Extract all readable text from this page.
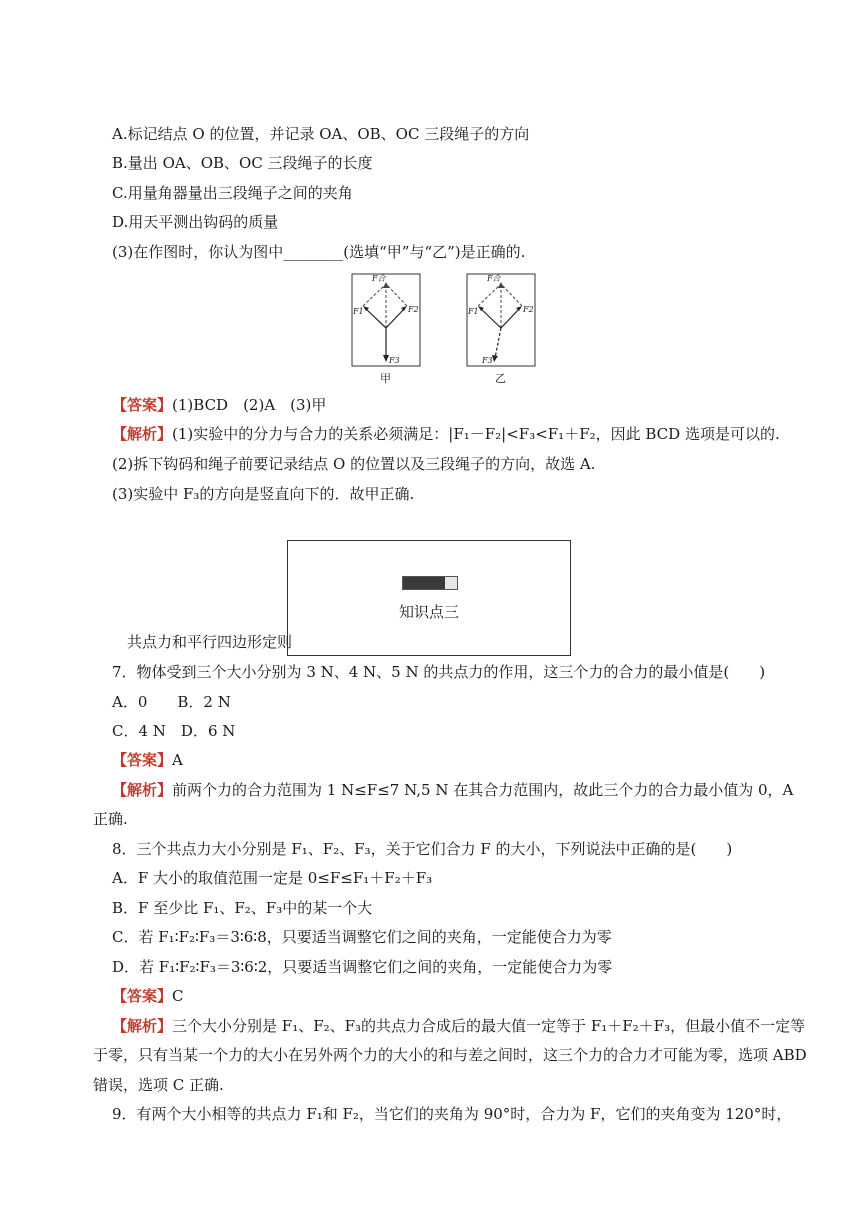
A.标记结点 O 的位置，并记录 OA、OB、OC 三段绳子的方向
B.量出 OA、OB、OC 三段绳子的长度
C.用量角器量出三段绳子之间的夹角
D.用天平测出钩码的质量
(3)在作图时，你认为图中________(选填“甲”与“乙”)是正确的.
F合
F1	F2
F3
甲
F合
F1	F2
F3
乙
【答案】(1)BCD　(2)A　(3)甲
【解析】(1)实验中的分力与合力的关系必须满足：|F₁－F₂|<F₃<F₁＋F₂，因此 BCD 选项是可以的.
(2)拆下钩码和绳子前要记录结点 O 的位置以及三段绳子的方向，故选 A.
(3)实验中 F₃的方向是竖直向下的．故甲正确.
知识点三
共点力和平行四边形定则
7．物体受到三个大小分别为 3 N、4 N、5 N 的共点力的作用，这三个力的合力的最小值是(　　)
A．0　　B．2 N
C．4 N　D．6 N
【答案】A
【解析】前两个力的合力范围为 1 N≤F≤7 N,5 N 在其合力范围内，故此三个力的合力最小值为 0，A
正确.
8．三个共点力大小分别是 F₁、F₂、F₃，关于它们合力 F 的大小，下列说法中正确的是(　　)
A．F 大小的取值范围一定是 0≤F≤F₁＋F₂＋F₃
B．F 至少比 F₁、F₂、F₃中的某一个大
C．若 F₁∶F₂∶F₃＝3∶6∶8，只要适当调整它们之间的夹角，一定能使合力为零
D．若 F₁∶F₂∶F₃＝3∶6∶2，只要适当调整它们之间的夹角，一定能使合力为零
【答案】C
【解析】三个大小分别是 F₁、F₂、F₃的共点力合成后的最大值一定等于 F₁＋F₂＋F₃，但最小值不一定等
于零，只有当某一个力的大小在另外两个力的大小的和与差之间时，这三个力的合力才可能为零，选项 ABD
错误，选项 C 正确.
9．有两个大小相等的共点力 F₁和 F₂，当它们的夹角为 90°时，合力为 F，它们的夹角变为 120°时，
